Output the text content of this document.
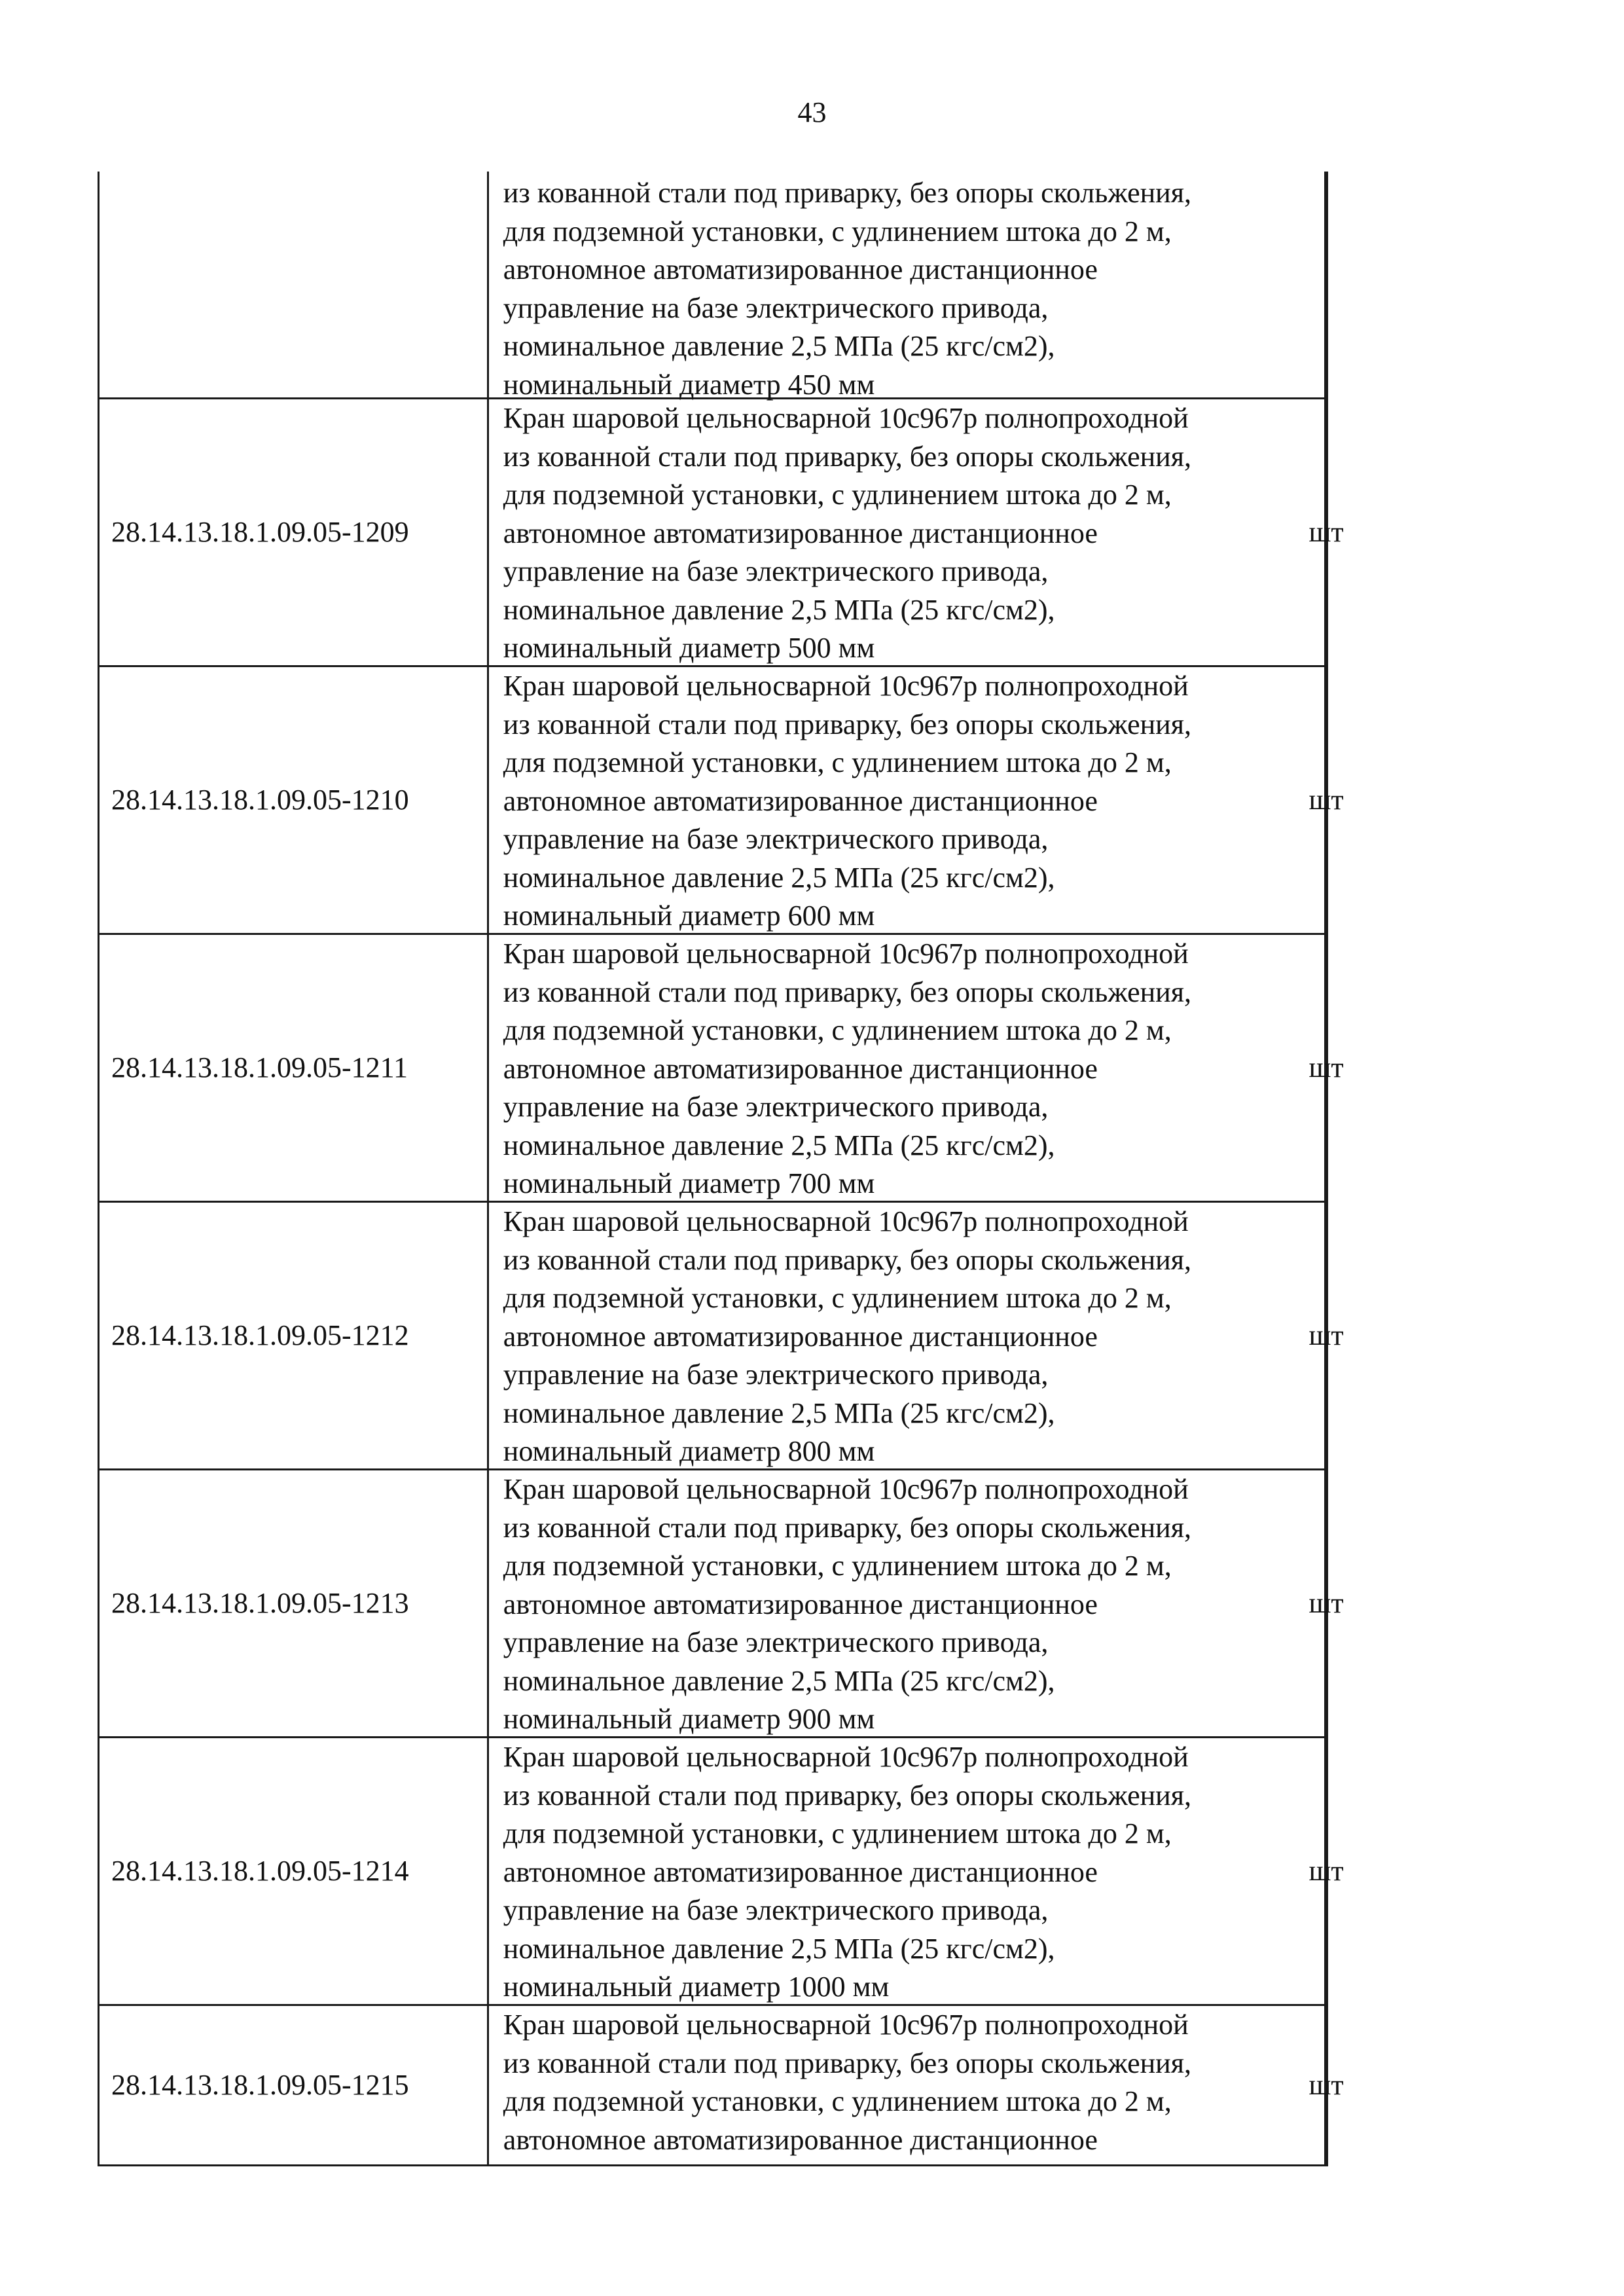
43
из кованной стали под приварку, без опоры скольжения,
для подземной установки, с удлинением штока до 2 м,
автономное автоматизированное дистанционное
управление на базе электрического привода,
номинальное давление 2,5 МПа (25 кгс/см2),
номинальный диаметр 450 мм
28.14.13.18.1.09.05-1209
Кран шаровой цельносварной 10с967р полнопроходной
из кованной стали под приварку, без опоры скольжения,
для подземной установки, с удлинением штока до 2 м,
автономное автоматизированное дистанционное
управление на базе электрического привода,
номинальное давление 2,5 МПа (25 кгс/см2),
номинальный диаметр 500 мм
шт
28.14.13.18.1.09.05-1210
Кран шаровой цельносварной 10с967р полнопроходной
из кованной стали под приварку, без опоры скольжения,
для подземной установки, с удлинением штока до 2 м,
автономное автоматизированное дистанционное
управление на базе электрического привода,
номинальное давление 2,5 МПа (25 кгс/см2),
номинальный диаметр 600 мм
шт
28.14.13.18.1.09.05-1211
Кран шаровой цельносварной 10с967р полнопроходной
из кованной стали под приварку, без опоры скольжения,
для подземной установки, с удлинением штока до 2 м,
автономное автоматизированное дистанционное
управление на базе электрического привода,
номинальное давление 2,5 МПа (25 кгс/см2),
номинальный диаметр 700 мм
шт
28.14.13.18.1.09.05-1212
Кран шаровой цельносварной 10с967р полнопроходной
из кованной стали под приварку, без опоры скольжения,
для подземной установки, с удлинением штока до 2 м,
автономное автоматизированное дистанционное
управление на базе электрического привода,
номинальное давление 2,5 МПа (25 кгс/см2),
номинальный диаметр 800 мм
шт
28.14.13.18.1.09.05-1213
Кран шаровой цельносварной 10с967р полнопроходной
из кованной стали под приварку, без опоры скольжения,
для подземной установки, с удлинением штока до 2 м,
автономное автоматизированное дистанционное
управление на базе электрического привода,
номинальное давление 2,5 МПа (25 кгс/см2),
номинальный диаметр 900 мм
шт
28.14.13.18.1.09.05-1214
Кран шаровой цельносварной 10с967р полнопроходной
из кованной стали под приварку, без опоры скольжения,
для подземной установки, с удлинением штока до 2 м,
автономное автоматизированное дистанционное
управление на базе электрического привода,
номинальное давление 2,5 МПа (25 кгс/см2),
номинальный диаметр 1000 мм
шт
28.14.13.18.1.09.05-1215
Кран шаровой цельносварной 10с967р полнопроходной
из кованной стали под приварку, без опоры скольжения,
для подземной установки, с удлинением штока до 2 м,
автономное автоматизированное дистанционное
шт
